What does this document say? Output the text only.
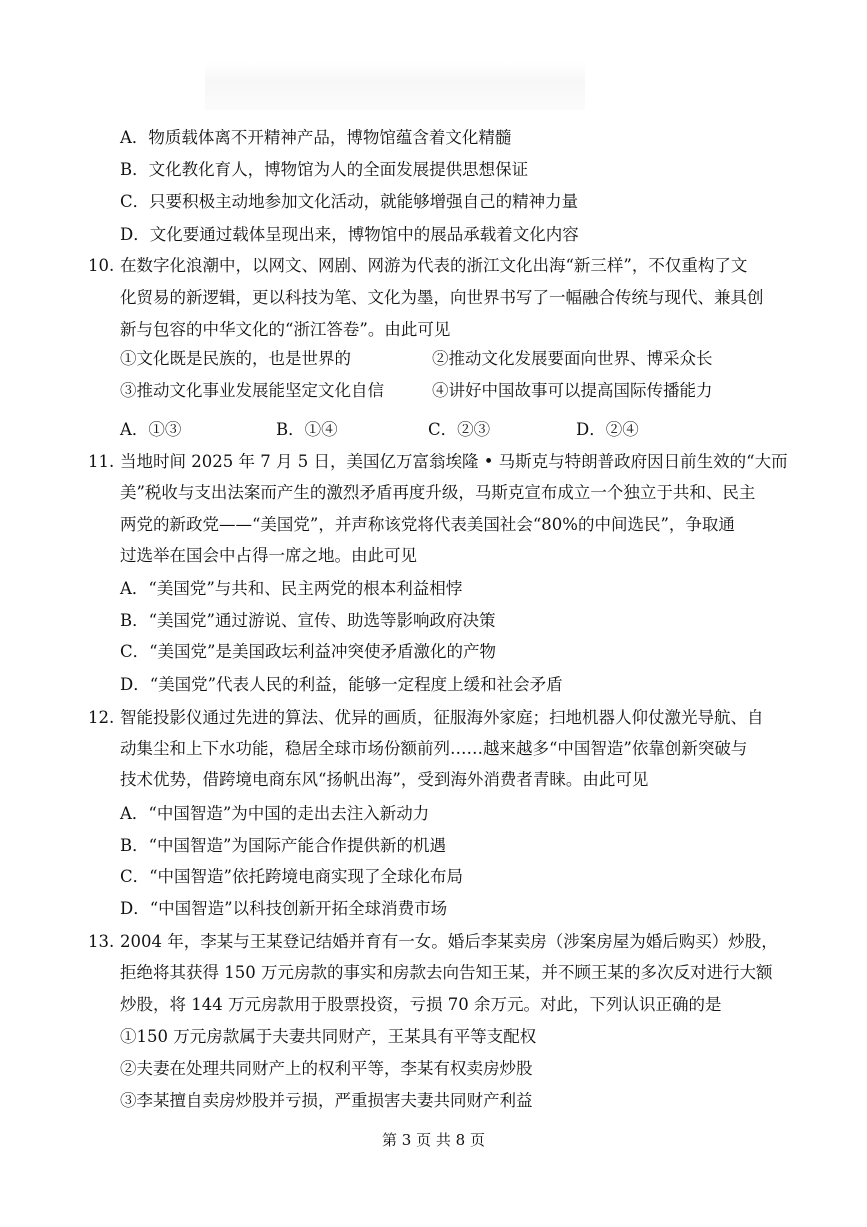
A．物质载体离不开精神产品，博物馆蕴含着文化精髓
B．文化教化育人，博物馆为人的全面发展提供思想保证
C．只要积极主动地参加文化活动，就能够增强自己的精神力量
D．文化要通过载体呈现出来，博物馆中的展品承载着文化内容
10. 在数字化浪潮中，以网文、网剧、网游为代表的浙江文化出海“新三样”，不仅重构了文
化贸易的新逻辑，更以科技为笔、文化为墨，向世界书写了一幅融合传统与现代、兼具创
新与包容的中华文化的“浙江答卷”。由此可见
①文化既是民族的，也是世界的	②推动文化发展要面向世界、博采众长
③推动文化事业发展能坚定文化自信	④讲好中国故事可以提高国际传播能力
A．①③	B．①④	C．②③	D．②④
11. 当地时间 2025 年 7 月 5 日，美国亿万富翁埃隆 • 马斯克与特朗普政府因日前生效的“大而
美”税收与支出法案而产生的激烈矛盾再度升级，马斯克宣布成立一个独立于共和、民主
两党的新政党——“美国党”，并声称该党将代表美国社会“80%的中间选民”，争取通
过选举在国会中占得一席之地。由此可见
A．“美国党”与共和、民主两党的根本利益相悖
B．“美国党”通过游说、宣传、助选等影响政府决策
C．“美国党”是美国政坛利益冲突使矛盾激化的产物
D．“美国党”代表人民的利益，能够一定程度上缓和社会矛盾
12. 智能投影仪通过先进的算法、优异的画质，征服海外家庭；扫地机器人仰仗激光导航、自
动集尘和上下水功能，稳居全球市场份额前列……越来越多“中国智造”依靠创新突破与
技术优势，借跨境电商东风“扬帆出海”，受到海外消费者青睐。由此可见
A．“中国智造”为中国的走出去注入新动力
B．“中国智造”为国际产能合作提供新的机遇
C．“中国智造”依托跨境电商实现了全球化布局
D．“中国智造”以科技创新开拓全球消费市场
13. 2004 年，李某与王某登记结婚并育有一女。婚后李某卖房（涉案房屋为婚后购买）炒股，
拒绝将其获得 150 万元房款的事实和房款去向告知王某，并不顾王某的多次反对进行大额
炒股，将 144 万元房款用于股票投资，亏损 70 余万元。对此，下列认识正确的是
①150 万元房款属于夫妻共同财产，王某具有平等支配权
②夫妻在处理共同财产上的权利平等，李某有权卖房炒股
③李某擅自卖房炒股并亏损，严重损害夫妻共同财产利益
第 3 页 共 8 页
